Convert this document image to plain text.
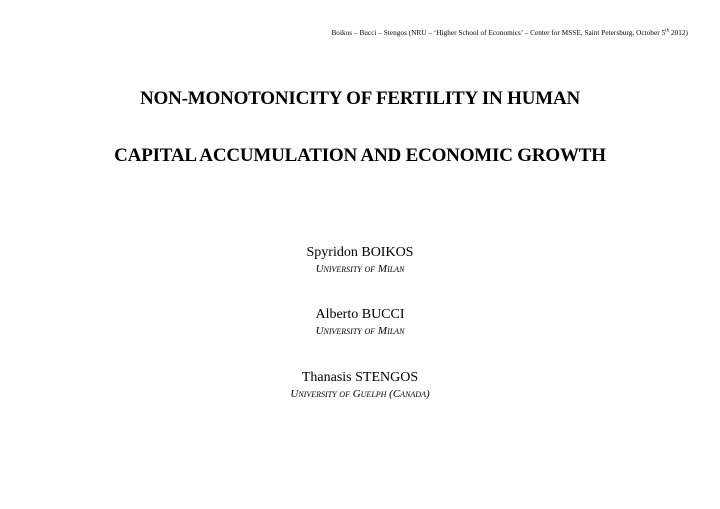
Boikos – Bucci – Stengos (NRU – ‘Higher School of Economics’ – Center for MSSE, Saint Petersburg, October 5th 2012)
NON-MONOTONICITY OF FERTILITY IN HUMAN
CAPITAL ACCUMULATION AND ECONOMIC GROWTH
Spyridon BOIKOS
University of Milan
Alberto BUCCI
University of Milan
Thanasis STENGOS
University of Guelph (Canada)
